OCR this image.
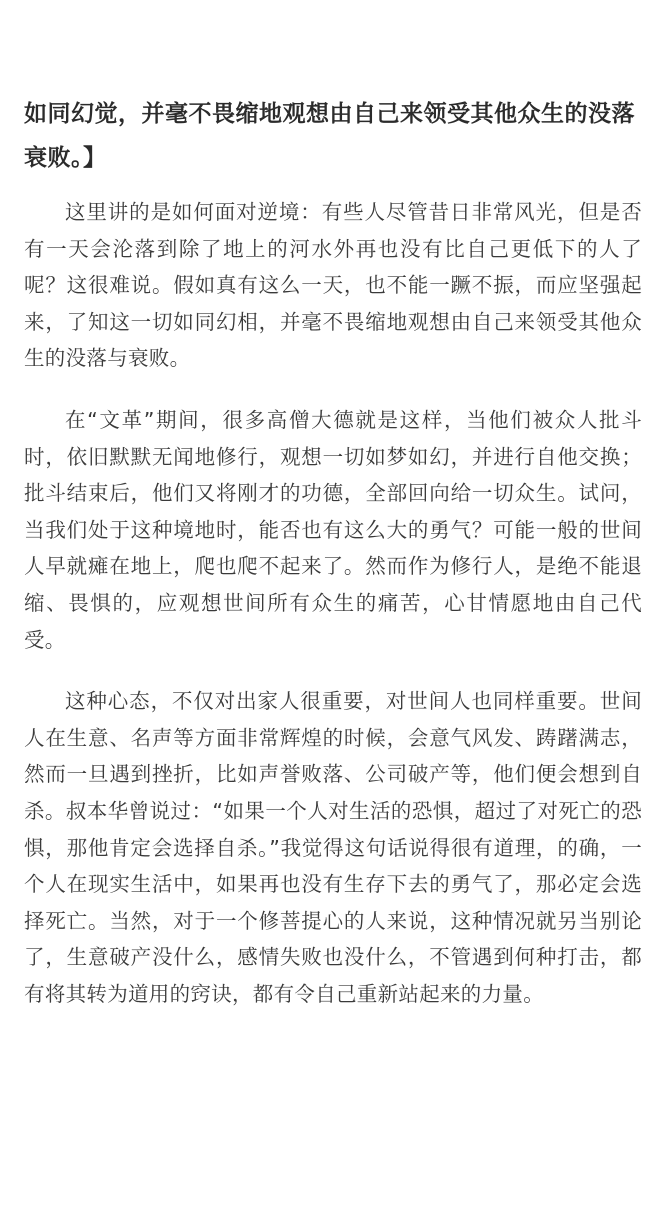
如同幻觉，并毫不畏缩地观想由自己来领受其他众生的没落衰败。】

这里讲的是如何面对逆境：有些人尽管昔日非常风光，但是否有一天会沦落到除了地上的河水外再也没有比自己更低下的人了呢？这很难说。假如真有这么一天，也不能一蹶不振，而应坚强起来，了知这一切如同幻相，并毫不畏缩地观想由自己来领受其他众生的没落与衰败。

在“文革”期间，很多高僧大德就是这样，当他们被众人批斗时，依旧默默无闻地修行，观想一切如梦如幻，并进行自他交换；批斗结束后，他们又将刚才的功德，全部回向给一切众生。试问，当我们处于这种境地时，能否也有这么大的勇气？可能一般的世间人早就瘫在地上，爬也爬不起来了。然而作为修行人，是绝不能退缩、畏惧的，应观想世间所有众生的痛苦，心甘情愿地由自己代受。

这种心态，不仅对出家人很重要，对世间人也同样重要。世间人在生意、名声等方面非常辉煌的时候，会意气风发、踌躇满志，然而一旦遇到挫折，比如声誉败落、公司破产等，他们便会想到自杀。叔本华曾说过：“如果一个人对生活的恐惧，超过了对死亡的恐惧，那他肯定会选择自杀。”我觉得这句话说得很有道理，的确，一个人在现实生活中，如果再也没有生存下去的勇气了，那必定会选择死亡。当然，对于一个修菩提心的人来说，这种情况就另当别论了，生意破产没什么，感情失败也没什么，不管遇到何种打击，都有将其转为道用的窍诀，都有令自己重新站起来的力量。
